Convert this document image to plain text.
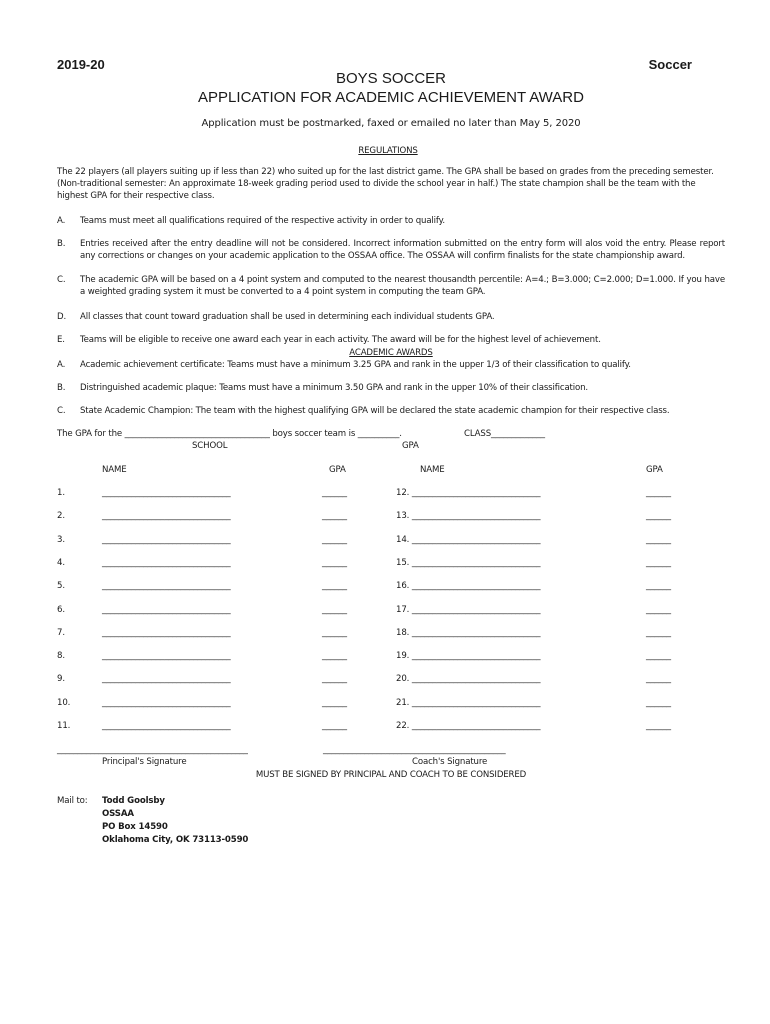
2019-20	Soccer
BOYS SOCCER
APPLICATION FOR ACADEMIC ACHIEVEMENT AWARD
Application must be postmarked, faxed or emailed no later than May 5, 2020
REGULATIONS
The 22 players (all players suiting up if less than 22) who suited up for the last district game. The GPA shall be based on grades from the preceding semester. (Non-traditional semester: An approximate 18-week grading period used to divide the school year in half.) The state champion shall be the team with the highest GPA for their respective class.
A. Teams must meet all qualifications required of the respective activity in order to qualify.
B. Entries received after the entry deadline will not be considered. Incorrect information submitted on the entry form will alos void the entry. Please report any corrections or changes on your academic application to the OSSAA office. The OSSAA will confirm finalists for the state championship award.
C. The academic GPA will be based on a 4 point system and computed to the nearest thousandth percentile: A=4.; B=3.000; C=2.000; D=1.000. If you have a weighted grading system it must be converted to a 4 point system in computing the team GPA.
D. All classes that count toward graduation shall be used in determining each individual students GPA.
E. Teams will be eligible to receive one award each year in each activity. The award will be for the highest level of achievement.
ACADEMIC AWARDS
A. Academic achievement certificate: Teams must have a minimum 3.25 GPA and rank in the upper 1/3 of their classification to qualify.
B. Distringuished academic plaque: Teams must have a minimum 3.50 GPA and rank in the upper 10% of their classification.
C. State Academic Champion: The team with the highest qualifying GPA will be declared the state academic champion for their respective class.
The GPA for the ___________________________________ boys soccer team is __________.	CLASS_____________
SCHOOL	GPA
NAME	GPA	NAME	GPA
1.	_______________________________	______	12. _______________________________	______
2.	_______________________________	______	13. _______________________________	______
3.	_______________________________	______	14. _______________________________	______
4.	_______________________________	______	15. _______________________________	______
5.	_______________________________	______	16. _______________________________	______
6.	_______________________________	______	17. _______________________________	______
7.	_______________________________	______	18. _______________________________	______
8.	_______________________________	______	19. _______________________________	______
9.	_______________________________	______	20. _______________________________	______
10.	_______________________________	______	21. _______________________________	______
11.	_______________________________	______	22. _______________________________	______
______________________________________________	____________________________________________
Principal's Signature	Coach's Signature
MUST BE SIGNED BY PRINCIPAL AND COACH TO BE CONSIDERED
Mail to: Todd Goolsby
OSSAA
PO Box 14590
Oklahoma City, OK 73113-0590
